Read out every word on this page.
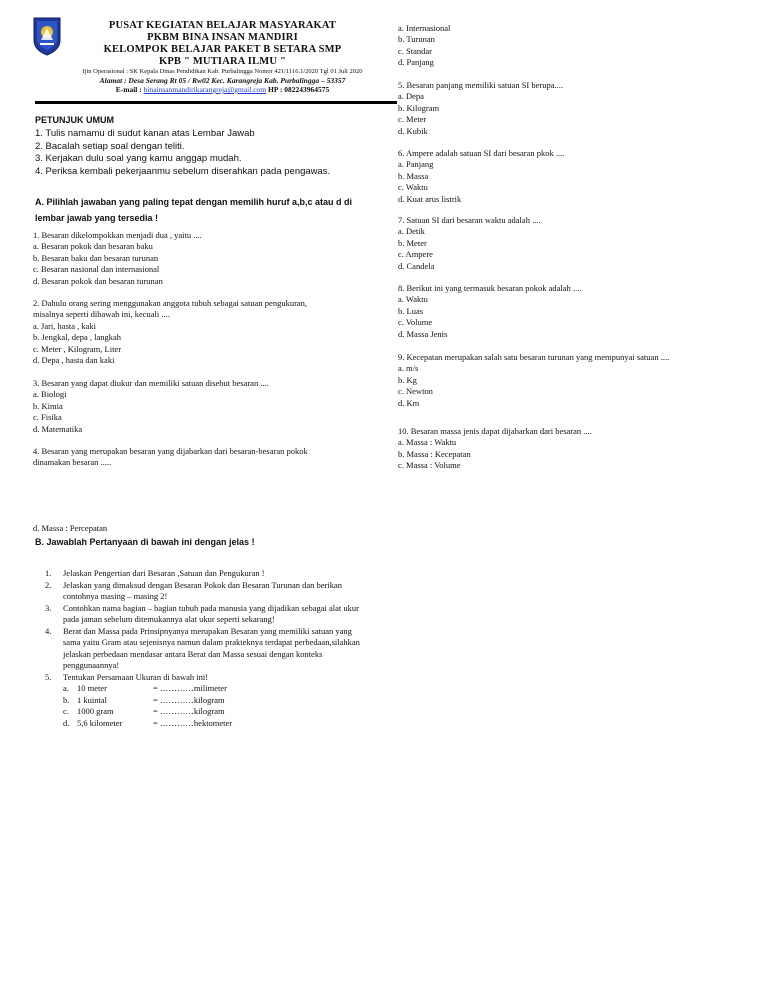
PUSAT KEGIATAN BELAJAR MASYARAKAT
PKBM BINA INSAN MANDIRI
KELOMPOK BELAJAR PAKET B SETARA SMP
KPB " MUTIARA ILMU "
Ijin Operasional : SK Kepala Dinas Pendidikan Kab. Purbalingga Nomor 421/1116.1/2020 Tgl 01 Juli 2020
Alamat : Desa Serang Rt 05 / Rw02 Kec. Karangreja Kab. Purbalingga – 53357
E-mail : binainsanmandirikarangreja@gmail.com HP : 082243964575
PETUNJUK UMUM
1. Tulis namamu di sudut kanan atas Lembar Jawab
2. Bacalah setiap soal dengan teliti.
3. Kerjakan dulu soal yang kamu anggap mudah.
4. Periksa kembali pekerjaanmu sebelum diserahkan pada pengawas.
A. Pilihlah jawaban yang paling tepat dengan memilih huruf a,b,c atau d di lembar jawab yang tersedia !

1. Besaran dikelompokkan menjadi dua , yaitu ....

a. Besaran pokok dan besaran baku

b. Besaran baku dan besaran turunan

c. Besaran nasional dan internasional

d. Besaran pokok dan besaran turunan

2. Dahulu orang sering menggunakan anggota tubuh sebagai satuan pengukuran,

misalnya seperti dibawah ini, kecuali ....

a. Jari, hasta , kaki

b. Jengkal, depa , langkah

c. Meter , Kilogram, Liter

d. Depa , hasta dan kaki

3. Besaran yang dapat diukur dan memiliki satuan disebut besaran ....

a. Biologi

b. Kimia

c. Fisika

d. Matematika

4. Besaran yang merupakan besaran yang dijabarkan dari besaran-besaran pokok

dinamakan besaran .....

a. Internasional

b. Turunan

c. Standar

d. Panjang

5. Besaran panjang memiliki satuan SI berupa....

a. Depa

b. Kilogram

c. Meter

d. Kubik

6. Ampere adalah satuan SI dari besaran pkok ....

a. Panjang

b. Massa

c. Waktu

d. Kuat arus listrik

7. Satuan SI dari besaran waktu adalah ....

a. Detik

b. Meter

c. Ampere

d. Candela

8. Berikut ini yang termasuk besaran pokok adalah ....

a. Waktu

b. Luas

c. Volume

d. Massa Jenis

9. Kecepatan merupakan salah satu besaran turunan yang mempunyai satuan ....

a. m/s

b. Kg

c. Newton

d. Km

10. Besaran massa jenis dapat dijabarkan dari besaran ....

a. Massa : Waktu

b. Massa : Kecepatan

c. Massa : Volume

d. Massa : Percepatan

B. Jawablah Pertanyaan di bawah ini dengan jelas !
1.	Jelaskan Pengertian dari Besaran ,Satuan dan Pengukuran !
2.	Jelaskan yang dimaksud dengan Besaran Pokok dan Besaran Turunan dan berikan contohnya masing – masing 2!
3.	Contohkan nama bagian – bagian tubuh pada manusia yang dijadikan sebagai alat ukur pada jaman sebelum ditemukannya alat ukur seperti sekarang!
4.	Berat dan Massa pada Prinsipnyanya merupakan Besaran yang memiliki satuan yang sama yaitu Gram atau sejenisnya namun dalam prakteknya terdapat perbedaan,silahkan jelaskan perbedaan mendasar antara Berat dan Massa sesuai dengan konteks penggunaannya!
5.	Tentukan Persamaan Ukuran di bawah ini!
a. 10 meter	= …………milimeter
b. 1 kuintal	= …………kilogram
c. 1000 gram	= …………kilogram
d. 5,6 kilometer	= …………hektometer
